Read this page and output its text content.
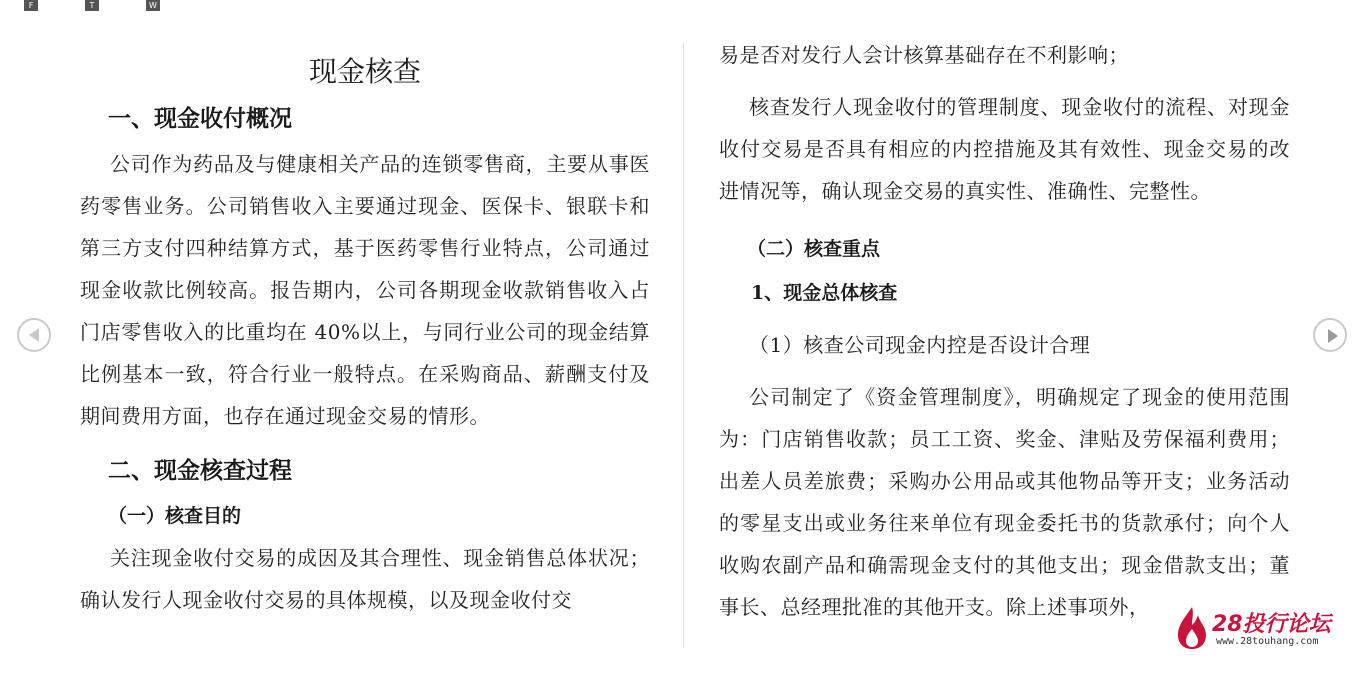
F	T	W
现金核查
一、现金收付概况

公司作为药品及与健康相关产品的连锁零售商，主要从事医药零售业务。公司销售收入主要通过现金、医保卡、银联卡和第三方支付四种结算方式，基于医药零售行业特点，公司通过现金收款比例较高。报告期内，公司各期现金收款销售收入占门店零售收入的比重均在 40%以上，与同行业公司的现金结算比例基本一致，符合行业一般特点。在采购商品、薪酬支付及期间费用方面，也存在通过现金交易的情形。

二、现金核查过程
（一）核查目的

关注现金收付交易的成因及其合理性、现金销售总体状况；确认发行人现金收付交易的具体规模，以及现金收付交

易是否对发行人会计核算基础存在不利影响；

核查发行人现金收付的管理制度、现金收付的流程、对现金收付交易是否具有相应的内控措施及其有效性、现金交易的改进情况等，确认现金交易的真实性、准确性、完整性。

（二）核查重点
1、现金总体核查

（1）核查公司现金内控是否设计合理

公司制定了《资金管理制度》，明确规定了现金的使用范围为：门店销售收款；员工工资、奖金、津贴及劳保福利费用；出差人员差旅费；采购办公用品或其他物品等开支；业务活动的零星支出或业务往来单位有现金委托书的货款承付；向个人收购农副产品和确需现金支付的其他支出；现金借款支出；董事长、总经理批准的其他开支。除上述事项外，

28投行论坛
www.28touhang.com
